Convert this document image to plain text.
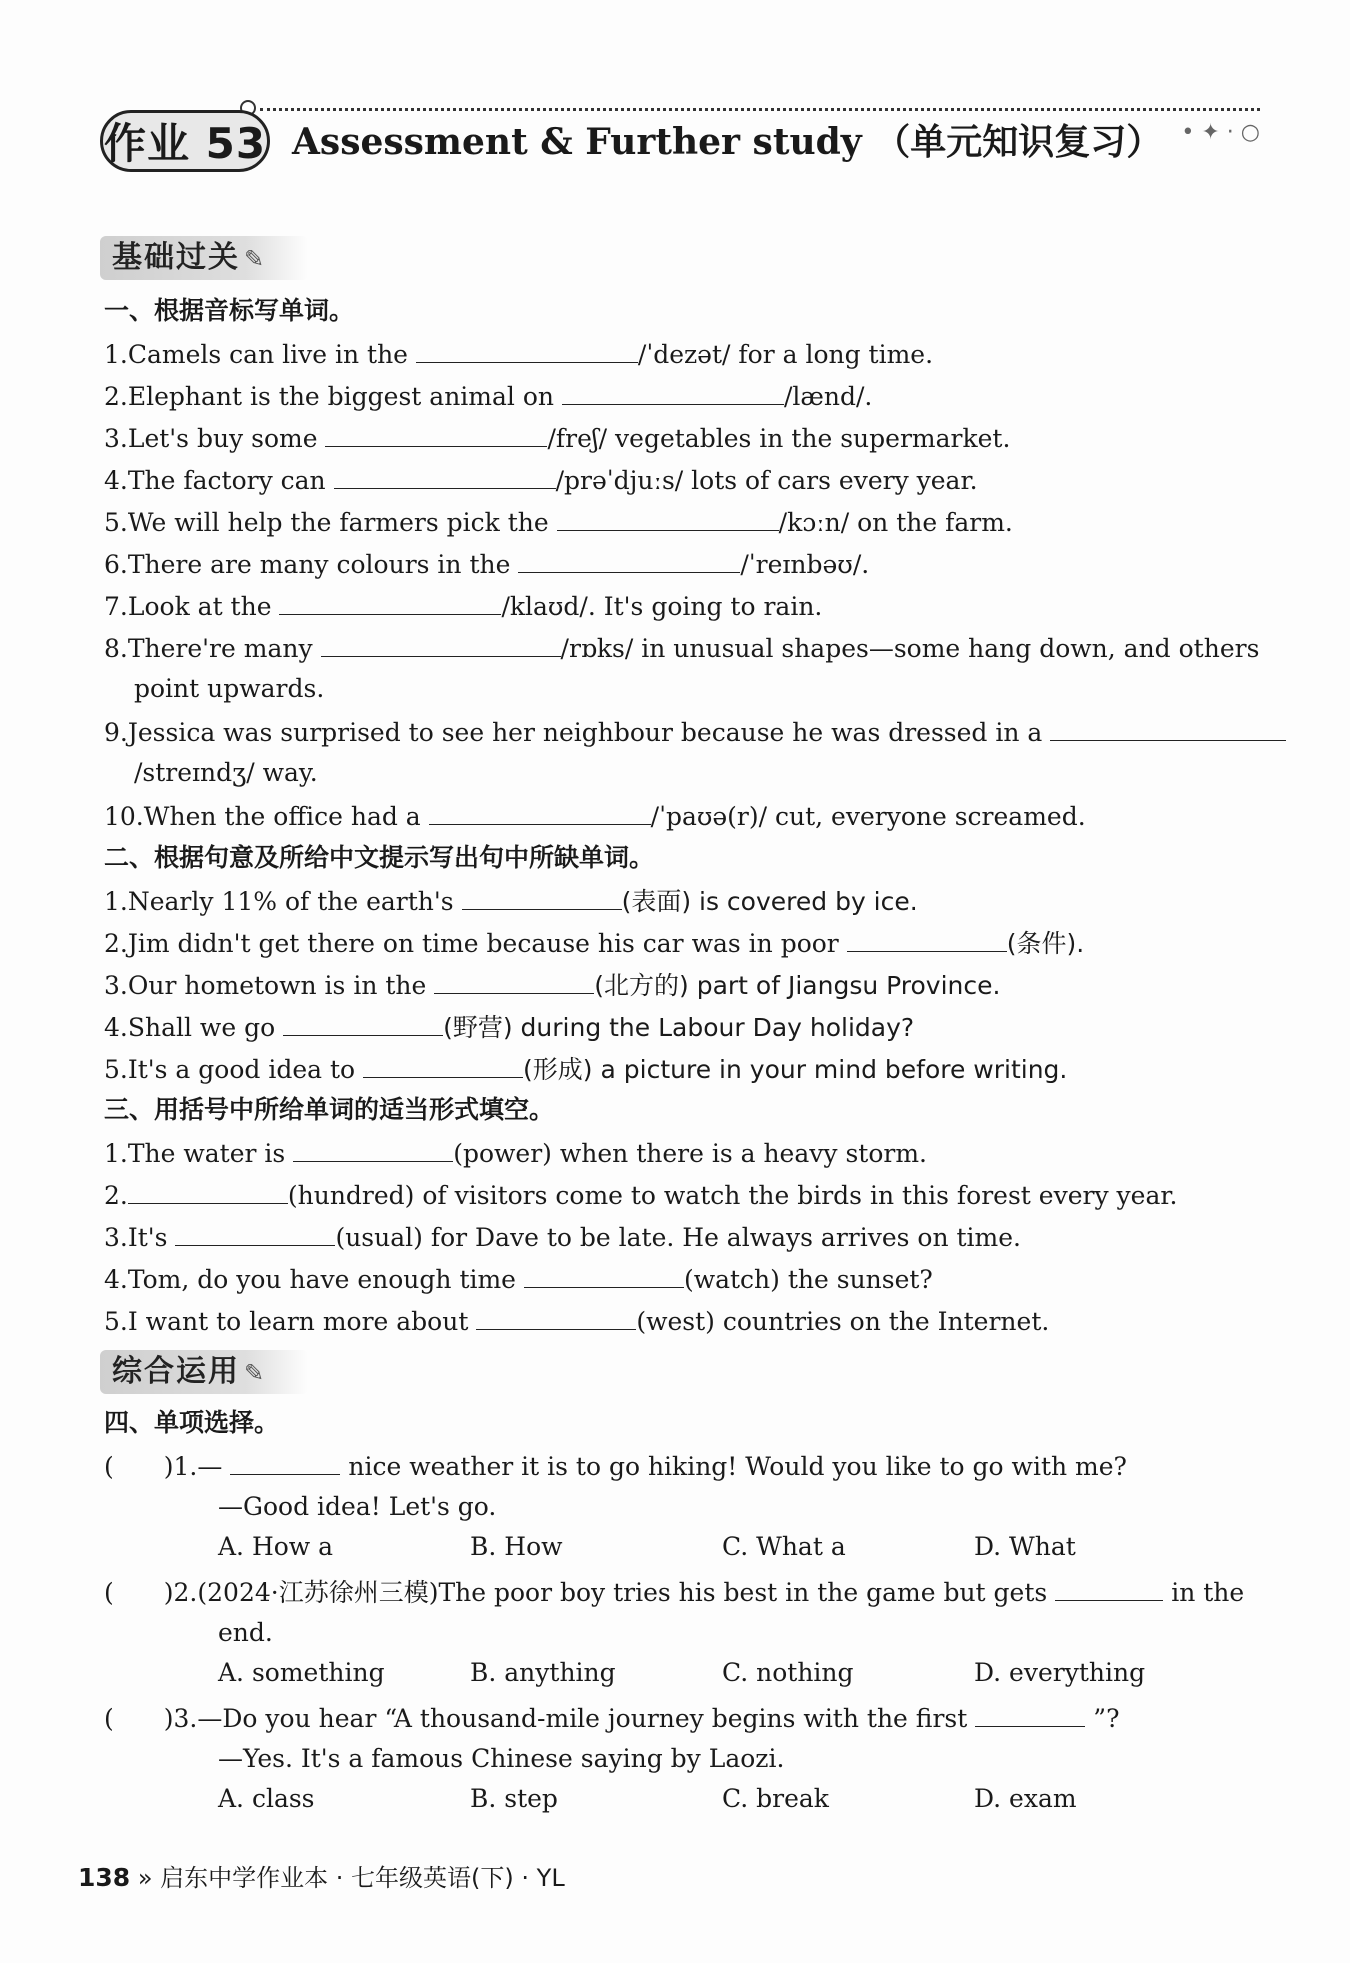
作业 53 Assessment & Further study （单元知识复习） • ✦ · ○
基础过关 ✎
一、根据音标写单词。
1.Camels can live in the	/ˈdezət/ for a long time.
2.Elephant is the biggest animal on	/lænd/.
3.Let's buy some	/freʃ/ vegetables in the supermarket.
4.The factory can	/prəˈdjuːs/ lots of cars every year.
5.We will help the farmers pick the	/kɔːn/ on the farm.
6.There are many colours in the	/ˈreɪnbəʊ/.
7.Look at the	/klaʊd/. It's going to rain.
8.There're many	/rɒks/ in unusual shapes—some hang down, and others
point upwards.
9.Jessica was surprised to see her neighbour because he was dressed in a
/streɪndʒ/ way.
10.When the office had a	/ˈpaʊə(r)/ cut, everyone screamed.
二、根据句意及所给中文提示写出句中所缺单词。
1.Nearly 11% of the earth's	(表面) is covered by ice.
2.Jim didn't get there on time because his car was in poor	(条件).
3.Our hometown is in the	(北方的) part of Jiangsu Province.
4.Shall we go	(野营) during the Labour Day holiday?
5.It's a good idea to	(形成) a picture in your mind before writing.
三、用括号中所给单词的适当形式填空。
1.The water is	(power) when there is a heavy storm.
2.	(hundred) of visitors come to watch the birds in this forest every year.
3.It's	(usual) for Dave to be late. He always arrives on time.
4.Tom, do you have enough time	(watch) the sunset?
5.I want to learn more about	(west) countries on the Internet.
综合运用 ✎
四、单项选择。
(　　)1.—	nice weather it is to go hiking! Would you like to go with me?
—Good idea! Let's go.
A. How a	B. How	C. What a	D. What
(　　)2.(2024·江苏徐州三模)The poor boy tries his best in the game but gets	in the
end.
A. something	B. anything	C. nothing	D. everything
(　　)3.—Do you hear “A thousand-mile journey begins with the first	”?
—Yes. It's a famous Chinese saying by Laozi.
A. class	B. step	C. break	D. exam
138 » 启东中学作业本 · 七年级英语(下) · YL
